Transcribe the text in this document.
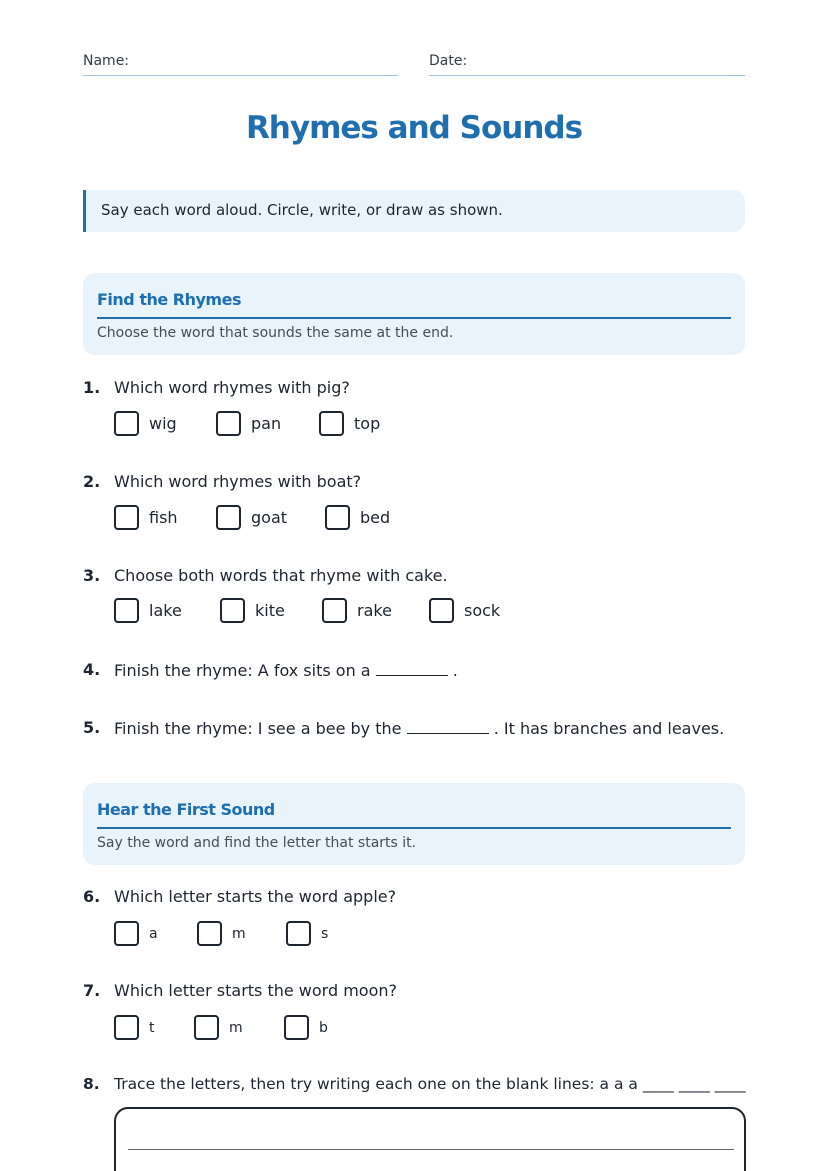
Name:	Date:
Rhymes and Sounds
Say each word aloud. Circle, write, or draw as shown.
Find the Rhymes
Choose the word that sounds the same at the end.
1. Which word rhymes with pig?
wig	pan	top
2. Which word rhymes with boat?
fish	goat	bed
3. Choose both words that rhyme with cake.
lake	kite	rake	sock
4. Finish the rhyme: A fox sits on a	.
5. Finish the rhyme: I see a bee by the	. It has branches and leaves.
Hear the First Sound
Say the word and find the letter that starts it.
6. Which letter starts the word apple?
a	m	s
7. Which letter starts the word moon?
t	m	b
8. Trace the letters, then try writing each one on the blank lines: a a a ____ ____ ____
